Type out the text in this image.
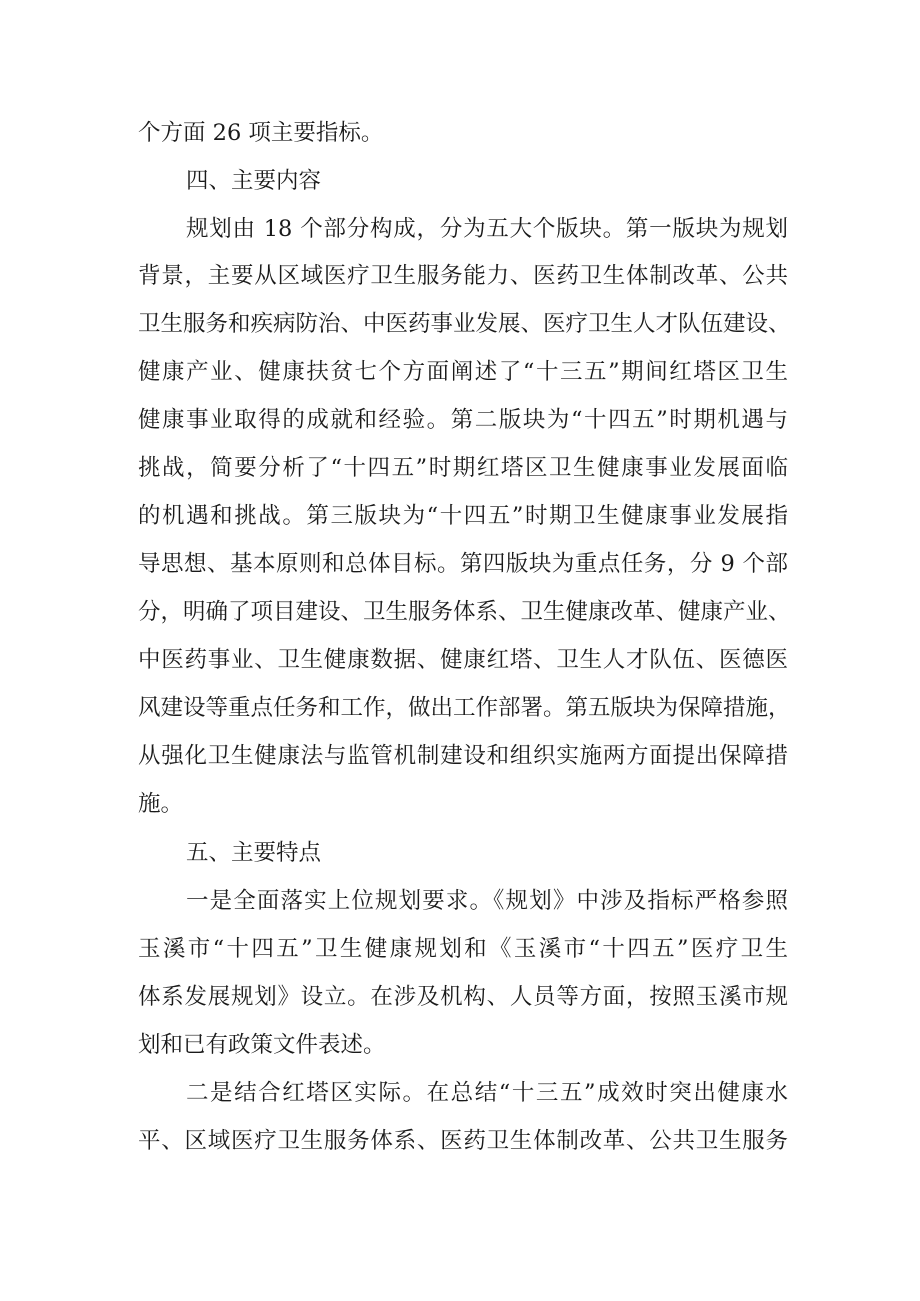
个方面 26 项主要指标。
四、主要内容
规划由 18 个部分构成，分为五大个版块。第一版块为规划
背景，主要从区域医疗卫生服务能力、医药卫生体制改革、公共
卫生服务和疾病防治、中医药事业发展、医疗卫生人才队伍建设、
健康产业、健康扶贫七个方面阐述了“十三五”期间红塔区卫生
健康事业取得的成就和经验。第二版块为“十四五”时期机遇与
挑战，简要分析了“十四五”时期红塔区卫生健康事业发展面临
的机遇和挑战。第三版块为“十四五”时期卫生健康事业发展指
导思想、基本原则和总体目标。第四版块为重点任务，分 9 个部
分，明确了项目建设、卫生服务体系、卫生健康改革、健康产业、
中医药事业、卫生健康数据、健康红塔、卫生人才队伍、医德医
风建设等重点任务和工作，做出工作部署。第五版块为保障措施，
从强化卫生健康法与监管机制建设和组织实施两方面提出保障措
施。
五、主要特点
一是全面落实上位规划要求。《规划》中涉及指标严格参照
玉溪市“十四五”卫生健康规划和《玉溪市“十四五”医疗卫生
体系发展规划》设立。在涉及机构、人员等方面，按照玉溪市规
划和已有政策文件表述。
二是结合红塔区实际。在总结“十三五”成效时突出健康水
平、区域医疗卫生服务体系、医药卫生体制改革、公共卫生服务
